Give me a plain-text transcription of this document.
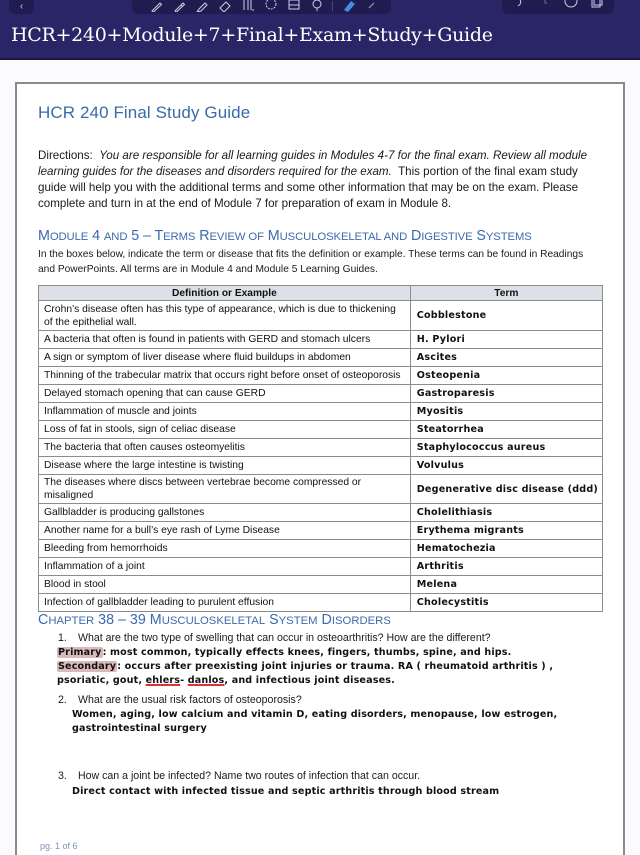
‹
HCR+240+Module+7+Final+Exam+Study+Guide
HCR 240 Final Study Guide
Directions: You are responsible for all learning guides in Modules 4-7 for the final exam. Review all module learning guides for the diseases and disorders required for the exam. This portion of the final exam study guide will help you with the additional terms and some other information that may be on the exam. Please complete and turn in at the end of Module 7 for preparation of exam in Module 8.
MODULE 4 AND 5 – TERMS REVIEW OF MUSCULOSKELETAL AND DIGESTIVE SYSTEMS
In the boxes below, indicate the term or disease that fits the definition or example. These terms can be found in Readings and PowerPoints. All terms are in Module 4 and Module 5 Learning Guides.
Definition or Example	Term
Crohn’s disease often has this type of appearance, which is due to thickening of the epithelial wall.	Cobblestone
A bacteria that often is found in patients with GERD and stomach ulcers	H. Pylori
A sign or symptom of liver disease where fluid buildups in abdomen	Ascites
Thinning of the trabecular matrix that occurs right before onset of osteoporosis	Osteopenia
Delayed stomach opening that can cause GERD	Gastroparesis
Inflammation of muscle and joints	Myositis
Loss of fat in stools, sign of celiac disease	Steatorrhea
The bacteria that often causes osteomyelitis	Staphylococcus aureus
Disease where the large intestine is twisting	Volvulus
The diseases where discs between vertebrae become compressed or misaligned	Degenerative disc disease (ddd)
Gallbladder is producing gallstones	Cholelithiasis
Another name for a bull’s eye rash of Lyme Disease	Erythema migrants
Bleeding from hemorrhoids	Hematochezia
Inflammation of a joint	Arthritis
Blood in stool	Melena
Infection of gallbladder leading to purulent effusion	Cholecystitis
CHAPTER 38 – 39 MUSCULOSKELETAL SYSTEM DISORDERS
1. What are the two type of swelling that can occur in osteoarthritis? How are the different?
Primary: most common, typically effects knees, fingers, thumbs, spine, and hips.
Secondary: occurs after preexisting joint injuries or trauma. RA ( rheumatoid arthritis ) ,
psoriatic, gout, ehlers- danlos, and infectious joint diseases.
2. What are the usual risk factors of osteoporosis?
Women, aging, low calcium and vitamin D, eating disorders, menopause, low estrogen,
gastrointestinal surgery
3. How can a joint be infected? Name two routes of infection that can occur.
Direct contact with infected tissue and septic arthritis through blood stream
pg. 1 of 6
